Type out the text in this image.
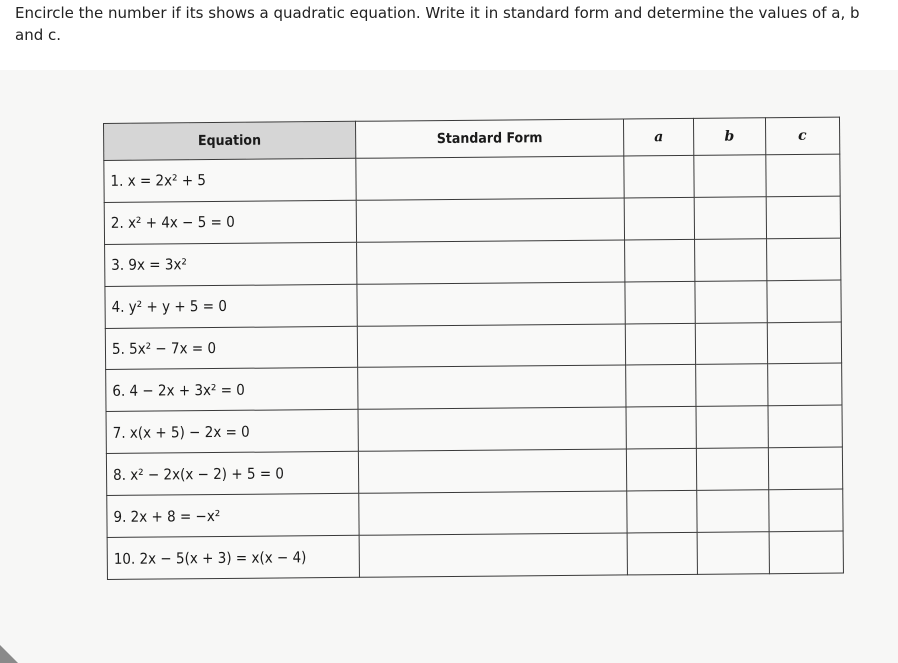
Encircle the number if its shows a quadratic equation. Write it in standard form and determine the values of a, b and c.

Equation	Standard Form	a	b	c
1. x = 2x² + 5				
2. x² + 4x − 5 = 0				
3. 9x = 3x²				
4. y² + y + 5 = 0				
5. 5x² − 7x = 0				
6. 4 − 2x + 3x² = 0				
7. x(x + 5) − 2x = 0				
8. x² − 2x(x − 2) + 5 = 0				
9. 2x + 8 = −x²				
10. 2x − 5(x + 3) = x(x − 4)				
